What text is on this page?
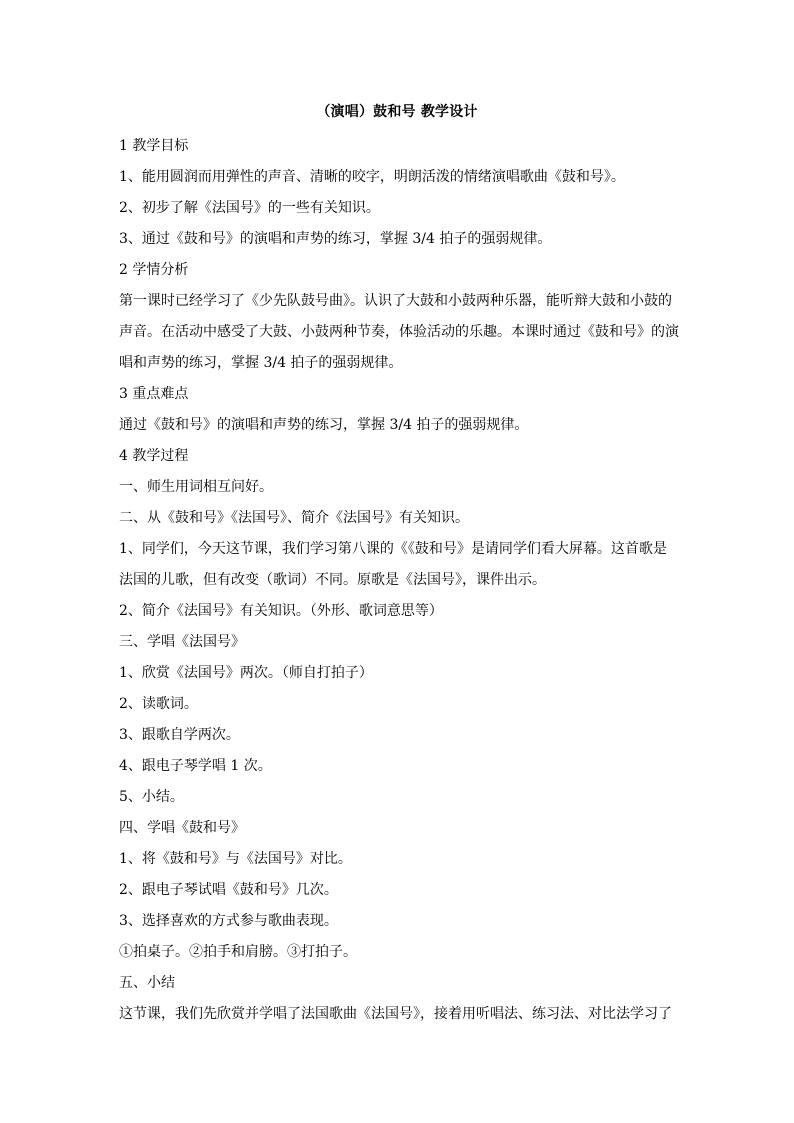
（演唱）鼓和号 教学设计
1 教学目标
1、能用圆润而用弹性的声音、清晰的咬字，明朗活泼的情绪演唱歌曲《鼓和号》。
2、初步了解《法国号》的一些有关知识。
3、通过《鼓和号》的演唱和声势的练习，掌握 3/4 拍子的强弱规律。
2 学情分析
第一课时已经学习了《少先队鼓号曲》。认识了大鼓和小鼓两种乐器，能听辩大鼓和小鼓的
声音。在活动中感受了大鼓、小鼓两种节奏，体验活动的乐趣。本课时通过《鼓和号》的演
唱和声势的练习，掌握 3/4 拍子的强弱规律。
3 重点难点
通过《鼓和号》的演唱和声势的练习，掌握 3/4 拍子的强弱规律。
4 教学过程
一、师生用词相互问好。
二、从《鼓和号》《法国号》、简介《法国号》有关知识。
1、同学们，今天这节课，我们学习第八课的《《鼓和号》是请同学们看大屏幕。这首歌是
法国的儿歌，但有改变（歌词）不同。原歌是《法国号》，课件出示。
2、简介《法国号》有关知识。（外形、歌词意思等）
三、学唱《法国号》
1、欣赏《法国号》两次。（师自打拍子）
2、读歌词。
3、跟歌自学两次。
4、跟电子琴学唱 1 次。
5、小结。
四、学唱《鼓和号》
1、将《鼓和号》与《法国号》对比。
2、跟电子琴试唱《鼓和号》几次。
3、选择喜欢的方式参与歌曲表现。
①拍桌子。②拍手和肩膀。③打拍子。
五、小结
这节课，我们先欣赏并学唱了法国歌曲《法国号》，接着用听唱法、练习法、对比法学习了
